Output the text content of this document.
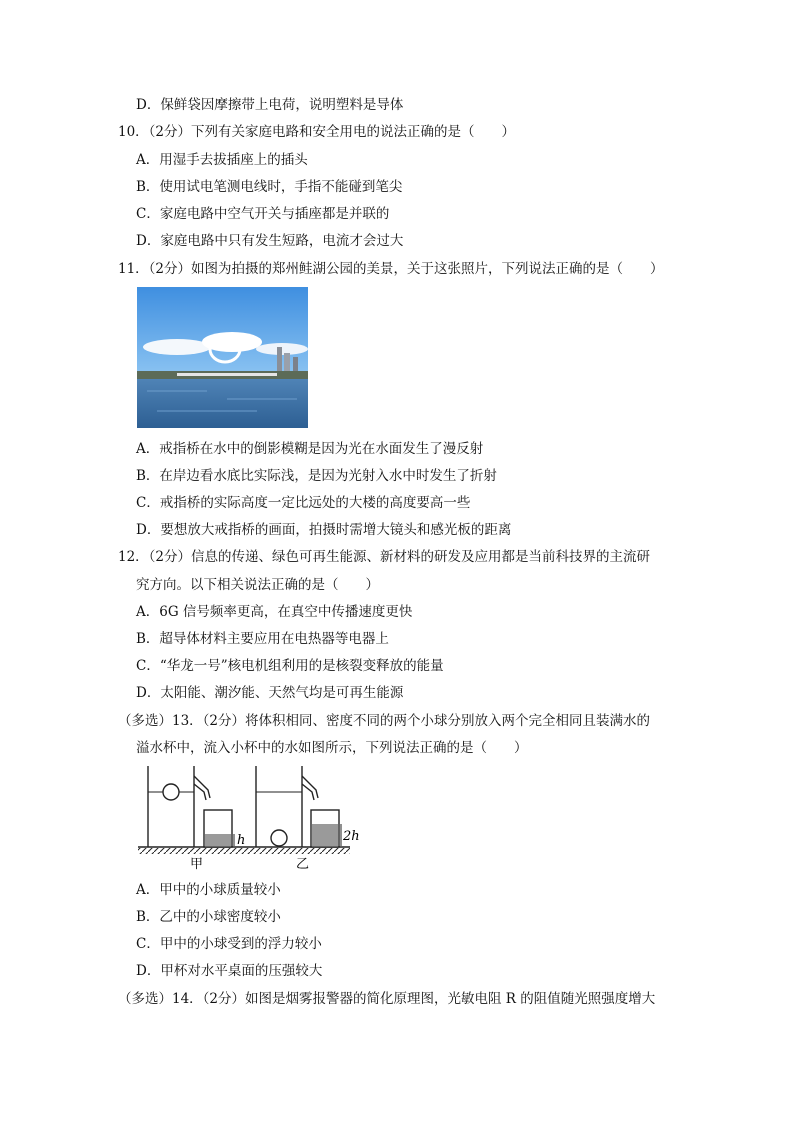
D．保鲜袋因摩擦带上电荷，说明塑料是导体
10．（2分）下列有关家庭电路和安全用电的说法正确的是（　　）
A．用湿手去拔插座上的插头
B．使用试电笔测电线时，手指不能碰到笔尖
C．家庭电路中空气开关与插座都是并联的
D．家庭电路中只有发生短路，电流才会过大
11．（2分）如图为拍摄的郑州鲑湖公园的美景，关于这张照片，下列说法正确的是（　　）
A．戒指桥在水中的倒影模糊是因为光在水面发生了漫反射
B．在岸边看水底比实际浅，是因为光射入水中时发生了折射
C．戒指桥的实际高度一定比远处的大楼的高度要高一些
D．要想放大戒指桥的画面，拍摄时需增大镜头和感光板的距离
12．（2分）信息的传递、绿色可再生能源、新材料的研发及应用都是当前科技界的主流研
究方向。以下相关说法正确的是（　　）
A．6G 信号频率更高，在真空中传播速度更快
B．超导体材料主要应用在电热器等电器上
C．“华龙一号”核电机组利用的是核裂变释放的能量
D．太阳能、潮汐能、天然气均是可再生能源
（多选）13．（2分）将体积相同、密度不同的两个小球分别放入两个完全相同且装满水的
溢水杯中，流入小杯中的水如图所示，下列说法正确的是（　　）
h	2h
甲	乙
A．甲中的小球质量较小
B．乙中的小球密度较小
C．甲中的小球受到的浮力较小
D．甲杯对水平桌面的压强较大
（多选）14．（2分）如图是烟雾报警器的简化原理图，光敏电阻 R 的阻值随光照强度增大
